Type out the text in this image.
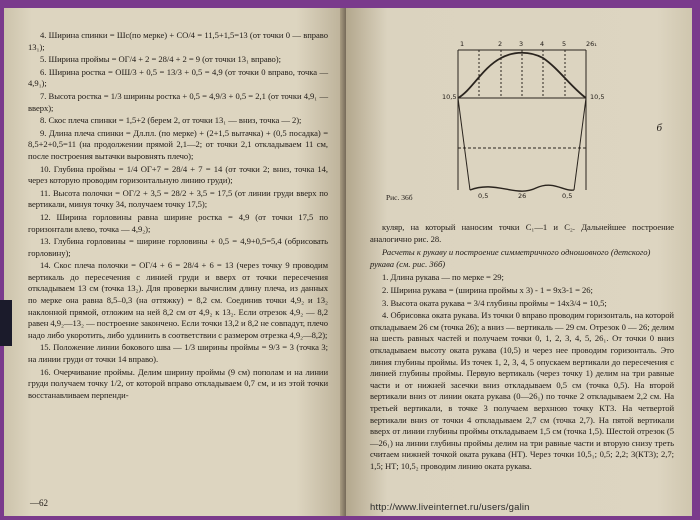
4. Ширина спинки = Шс(по мерке) + СО/4 = 11,5+1,5=13 (от точки 0 — вправо 13₁);

5. Ширина проймы = ОГ/4 + 2 = 28/4 + 2 = 9 (от точки 13₁ вправо);

6. Ширина ростка = ОШ/3 + 0,5 = 13/3 + 0,5 = 4,9 (от точки 0 вправо, точка — 4,9₁);

7. Высота ростка = 1/3 ширины ростка + 0,5 = 4,9/3 + 0,5 = 2,1 (от точки 4,9₁ — вверх);

8. Скос плеча спинки = 1,5+2 (берем 2, от точки 13₁ — вниз, точка — 2);

9. Длина плеча спинки = Дл.пл. (по мерке) + (2+1,5 вытачка) + (0,5 посадка) = 8,5+2+0,5=11 (на продолжении прямой 2,1—2; от точки 2,1 откладываем 11 см, после построения вытачки выровнять плечо);

10. Глубина проймы = 1/4 ОГ+7 = 28/4 + 7 = 14 (от точки 2; вниз, точка 14, через которую проводим горизонтальную линию груди);

11. Высота полочки = ОГ/2 + 3,5 = 28/2 + 3,5 = 17,5 (от линии груди вверх по вертикали, минуя точку 34, получаем точку 17,5);

12. Ширина горловины равна ширине ростка = 4,9 (от точки 17,5 по горизонтали влево, точка — 4,9₂);

13. Глубина горловины = ширине горловины + 0,5 = 4,9+0,5=5,4 (обрисовать горловину);

14. Скос плеча полочки = ОГ/4 + 6 = 28/4 + 6 = 13 (через точку 9 проводим вертикаль до пересечения с линией груди и вверх от точки пересечения откладываем 13 см (точка 13₂). Для проверки вычислим длину плеча, из данных по мерке она равна 8,5–0,3 (на оттяжку) = 8,2 см. Соединив точки 4,9₂ и 13₂ наклонной прямой, отложим на ней 8,2 см от 4,9₂ к 13₂. Если отрезок 4,9₂ — 8,2 равен 4,9₂—13₂ — построение закончено. Если точки 13,2 и 8,2 не совпадут, плечо надо либо укоротить, либо удлинить в соответствии с размером отрезка 4,9₂—8,2);

15. Положение линии бокового шва — 1/3 ширины проймы = 9/3 = 3 (точка 3; на линии груди от точки 14 вправо).

16. Очерчивание проймы. Делим ширину проймы (9 см) пополам и на линии груди получаем точку 1/2, от которой вправо откладываем 0,7 см, и из этой точки восстанавливаем перпенди-

—62
1	2	3	4	5	26₁
10,5	10,5
0,5	26	0,5
б
Рис. 36б

куляр, на который наносим точки C₁—1 и C₂. Дальнейшее построение аналогично рис. 28.

Расчеты к рукаву и построение симметричного одношовного (детского) рукава (см. рис. 36б)

1. Длина рукава — по мерке = 29;

2. Ширина рукава = (ширина проймы x 3) - 1 = 9x3-1 = 26;

3. Высота оката рукава = 3/4 глубины проймы = 14x3/4 = 10,5;

4. Обрисовка оката рукава. Из точки 0 вправо проводим горизонталь, на которой откладываем 26 см (точка 26); а вниз — вертикаль — 29 см. Отрезок 0 — 26; делим на шесть равных частей и получаем точки 0, 1, 2, 3, 4, 5, 26₁. От точки 0 вниз откладываем высоту оката рукава (10,5) и через нее проводим горизонталь. Это линия глубины проймы. Из точек 1, 2, 3, 4, 5 опускаем вертикали до пересечения с линией глубины проймы. Первую вертикаль (через точку 1) делим на три равные части и от нижней засечки вниз откладываем 0,5 см (точка 0,5). На второй вертикали вниз от линии оката рукава (0—26₁) по точке 2 откладываем 2,2 см. На третьей вертикали, в точке 3 получаем верхнюю точку КТ3. На четвертой вертикали вниз от точки 4 откладываем 2,7 см (точка 2,7). На пятой вертикали вверх от линии глубины проймы откладываем 1,5 см (точка 1,5). Шестой отрезок (5—26₁) на линии глубины проймы делим на три равные части и вторую снизу треть считаем нижней точкой оката рукава (НТ). Через точки 10,5₁; 0,5; 2,2; 3(КТ3); 2,7; 1,5; НТ; 10,5₂ проводим линию оката рукава.

http://www.liveinternet.ru/users/galin
